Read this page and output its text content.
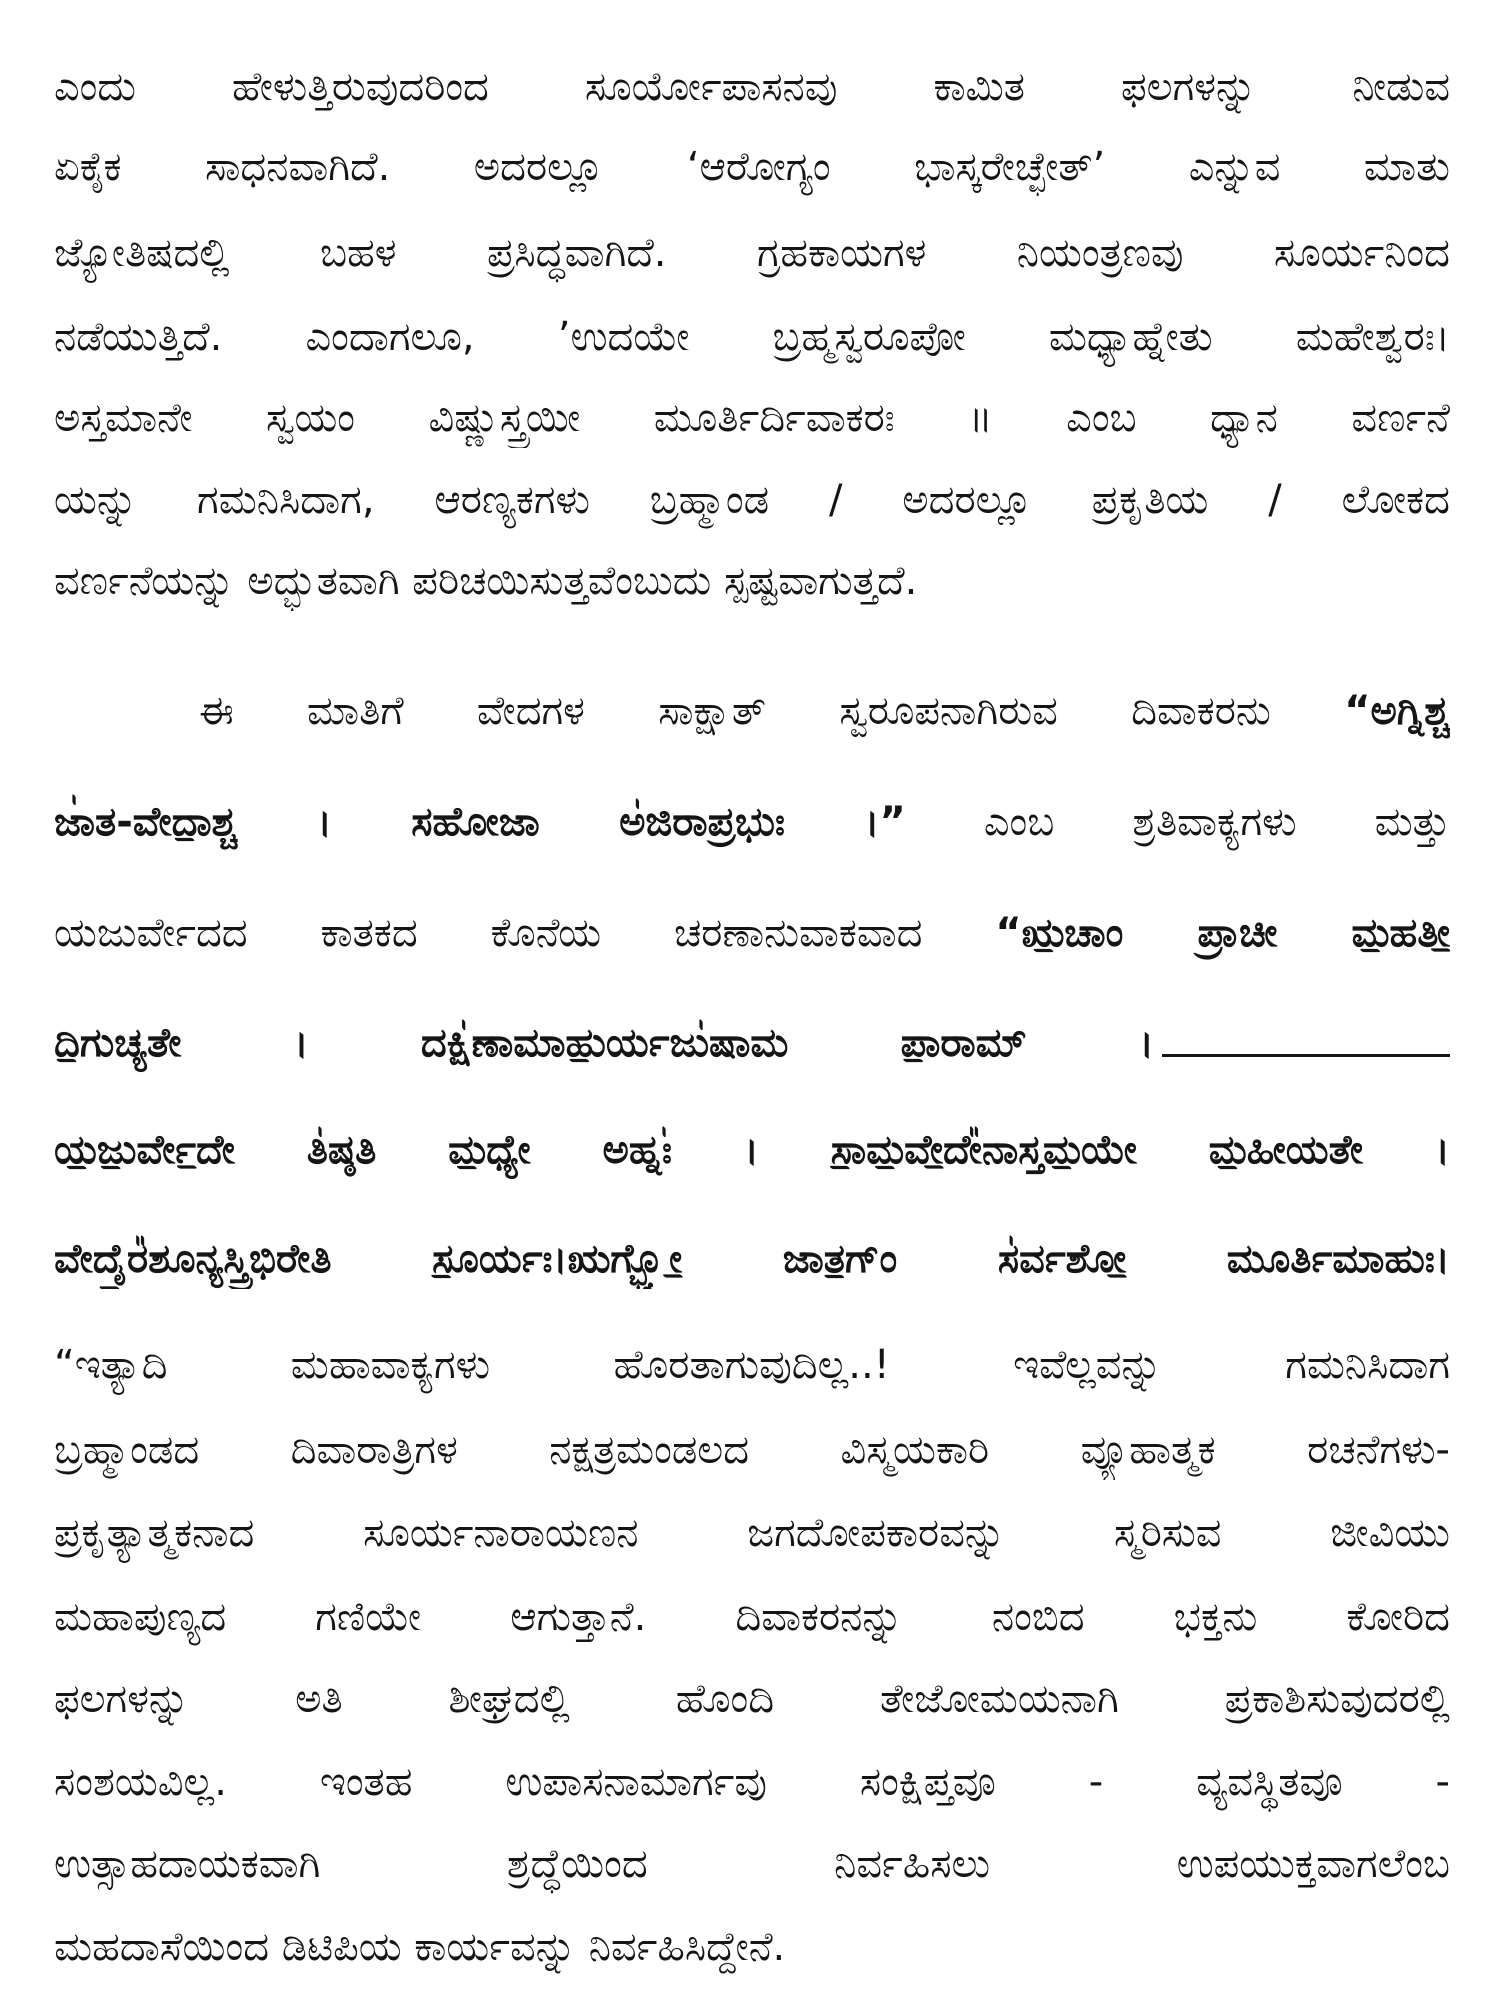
ಎಂದು ಹೇಳುತ್ತಿರುವುದರಿಂದ ಸೂರ್ಯೋಪಾಸನವು ಕಾಮಿತ ಫಲಗಳನ್ನು ನೀಡುವ
ಏಕೈಕ ಸಾಧನವಾಗಿದೆ. ಅದರಲ್ಲೂ ‘ಆರೋಗ್ಯಂ ಭಾಸ್ಕರೇಚ್ಛೇತ್’ ಎನ್ನುವ ಮಾತು
ಜ್ಯೋತಿಷದಲ್ಲಿ ಬಹಳ ಪ್ರಸಿದ್ಧವಾಗಿದೆ. ಗ್ರಹಕಾಯಗಳ ನಿಯಂತ್ರಣವು ಸೂರ್ಯನಿಂದ
ನಡೆಯುತ್ತಿದೆ. ಎಂದಾಗಲೂ, ’ಉದಯೇ ಬ್ರಹ್ಮಸ್ವರೂಪೋ ಮಧ್ಯಾಹ್ನೇತು ಮಹೇಶ್ವರಃ।
ಅಸ್ತಮಾನೇ ಸ್ವಯಂ ವಿಷ್ಣುಸ್ತ್ರಯೀ ಮೂರ್ತಿರ್ದಿವಾಕರಃ ॥ ಎಂಬ ಧ್ಯಾನ ವರ್ಣನೆ
ಯನ್ನು ಗಮನಿಸಿದಾಗ, ಆರಣ್ಯಕಗಳು ಬ್ರಹ್ಮಾಂಡ / ಅದರಲ್ಲೂ ಪ್ರಕೃತಿಯ / ಲೋಕದ
ವರ್ಣನೆಯನ್ನು ಅದ್ಭುತವಾಗಿ ಪರಿಚಯಿಸುತ್ತವೆಂಬುದು ಸ್ಪಷ್ಟವಾಗುತ್ತದೆ.
ಈ ಮಾತಿಗೆ ವೇದಗಳ ಸಾಕ್ಷಾತ್ ಸ್ವರೂಪನಾಗಿರುವ ದಿವಾಕರನು “ಅಗ್ನಿಶ್ಚ
ಜಾ॑ತ-ವೇದಾ॒ಶ್ಚ । ಸಹೋಜಾ ಅ॑ಜಿರಾಪ್ರಭುಃ ।” ಎಂಬ ಶ್ರತಿವಾಕ್ಯಗಳು ಮತ್ತು
ಯಜುರ್ವೇದದ ಕಾತಕದ ಕೊನೆಯ ಚರಣಾನುವಾಕವಾದ “ಋ॒ಚಾಂ ಪ್ರಾಚೀ ಮ॒ಹತೀ॒
ದಿ॒ಗುಚ್ಯತೇ । ದಕ್ಷಿ॑ಣಾಮಾಹು॒ರ್ಯಜು॑ಷಾಮ ಪಾ॒ರಾಮ್ ।
ಯ॒ಜು॒ರ್ವೇ॒ದೇ ತಿ॑ಷ್ಠತಿ ಮ॒ಧ್ಯೇ ಅಹ್ನಃ॑ । ಸಾ॒ಮ॒ವೇ॒ದೇ᳚ನಾಸ್ತಮ॒ಯೇ ಮ॒ಹೀಯತೇ ।
ವೇದೈ॒ರ᳚ಶೂನ್ಯಸ್ತ್ರಿಭಿರೇತಿ ಸೂ॒ರ್ಯಃ।ಋಗ್ಭ್ಯೋ॒ ಜಾತ॒ಗ್ಂ ಸ॑ರ್ವಶೋ॒ ಮೂರ್ತಿಮಾಹುಃ।
“ಇತ್ಯಾದಿ ಮಹಾವಾಕ್ಯಗಳು ಹೊರತಾಗುವುದಿಲ್ಲ..! ಇವೆಲ್ಲವನ್ನು ಗಮನಿಸಿದಾಗ
ಬ್ರಹ್ಮಾಂಡದ ದಿವಾರಾತ್ರಿಗಳ ನಕ್ಷತ್ರಮಂಡಲದ ವಿಸ್ಮಯಕಾರಿ ವ್ಯೂಹಾತ್ಮಕ ರಚನೆಗಳು-
ಪ್ರಕೃತ್ಯಾತ್ಮಕನಾದ ಸೂರ್ಯನಾರಾಯಣನ ಜಗದೋಪಕಾರವನ್ನು ಸ್ಮರಿಸುವ ಜೀವಿಯು
ಮಹಾಪುಣ್ಯದ ಗಣಿಯೇ ಆಗುತ್ತಾನೆ. ದಿವಾಕರನನ್ನು ನಂಬಿದ ಭಕ್ತನು ಕೋರಿದ
ಫಲಗಳನ್ನು ಅತಿ ಶೀಘ್ರದಲ್ಲಿ ಹೊಂದಿ ತೇಜೋಮಯನಾಗಿ ಪ್ರಕಾಶಿಸುವುದರಲ್ಲಿ
ಸಂಶಯವಿಲ್ಲ. ಇಂತಹ ಉಪಾಸನಾಮಾರ್ಗವು ಸಂಕ್ಷಿಪ್ತವೂ - ವ್ಯವಸ್ಥಿತವೂ -
ಉತ್ಸಾಹದಾಯಕವಾಗಿ ಶ್ರದ್ಧೆಯಿಂದ ನಿರ್ವಹಿಸಲು ಉಪಯುಕ್ತವಾಗಲೆಂಬ
ಮಹದಾಸೆಯಿಂದ ಡಿಟಿಪಿಯ ಕಾರ್ಯವನ್ನು ನಿರ್ವಹಿಸಿದ್ದೇನೆ.
